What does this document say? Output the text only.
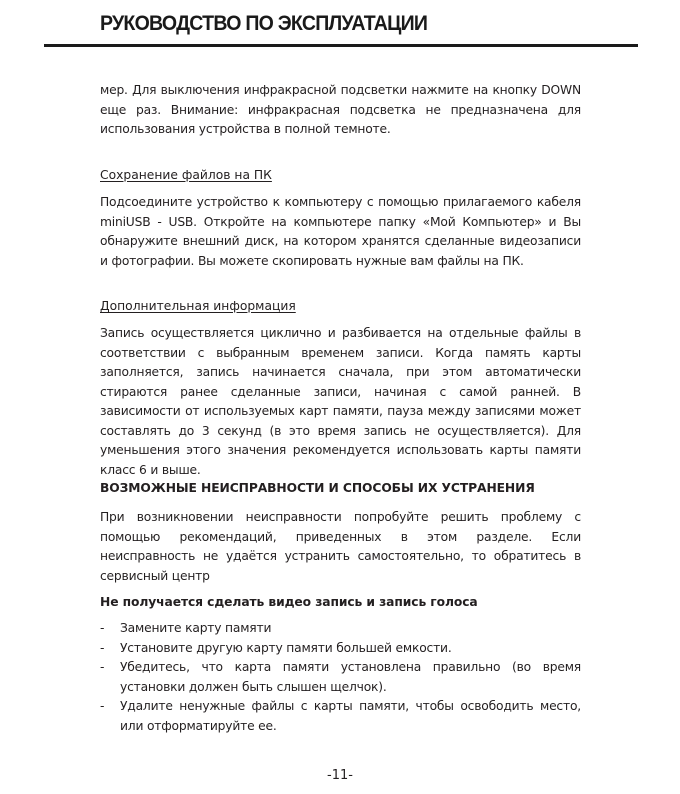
РУКОВОДСТВО ПО ЭКСПЛУАТАЦИИ

мер. Для выключения инфракрасной подсветки нажмите на кнопку DOWN еще раз. Внимание: инфракрасная подсветка не предназначена для использования устройства в полной темноте.

Сохранение файлов на ПК

Подсоедините устройство к компьютеру с помощью прилагаемого кабеля miniUSB - USB. Откройте на компьютере папку «Мой Компьютер» и Вы обнаружите внешний диск, на котором хранятся сделанные видеозаписи и фотографии. Вы можете скопировать нужные вам файлы на ПК.

Дополнительная информация

Запись осуществляется циклично и разбивается на отдельные файлы в соответствии с выбранным временем записи. Когда память карты заполняется, запись начинается сначала, при этом автоматически стираются ранее сделанные записи, начиная с самой ранней. В зависимости от используемых карт памяти, пауза между записями может составлять до 3 секунд (в это время запись не осуществляется). Для уменьшения этого значения рекомендуется использовать карты памяти класс 6 и выше.

ВОЗМОЖНЫЕ НЕИСПРАВНОСТИ И СПОСОБЫ ИХ УСТРАНЕНИЯ

При возникновении неисправности попробуйте решить проблему с помощью рекомендаций, приведенных в этом разделе. Если неисправность не удаётся устранить самостоятельно, то обратитесь в сервисный центр

Не получается сделать видео запись и запись голоса

- Замените карту памяти
- Установите другую карту памяти большей емкости.
- Убедитесь, что карта памяти установлена правильно (во время установки должен быть слышен щелчок).
- Удалите ненужные файлы с карты памяти, чтобы освободить место, или отформатируйте ее.
-11-
